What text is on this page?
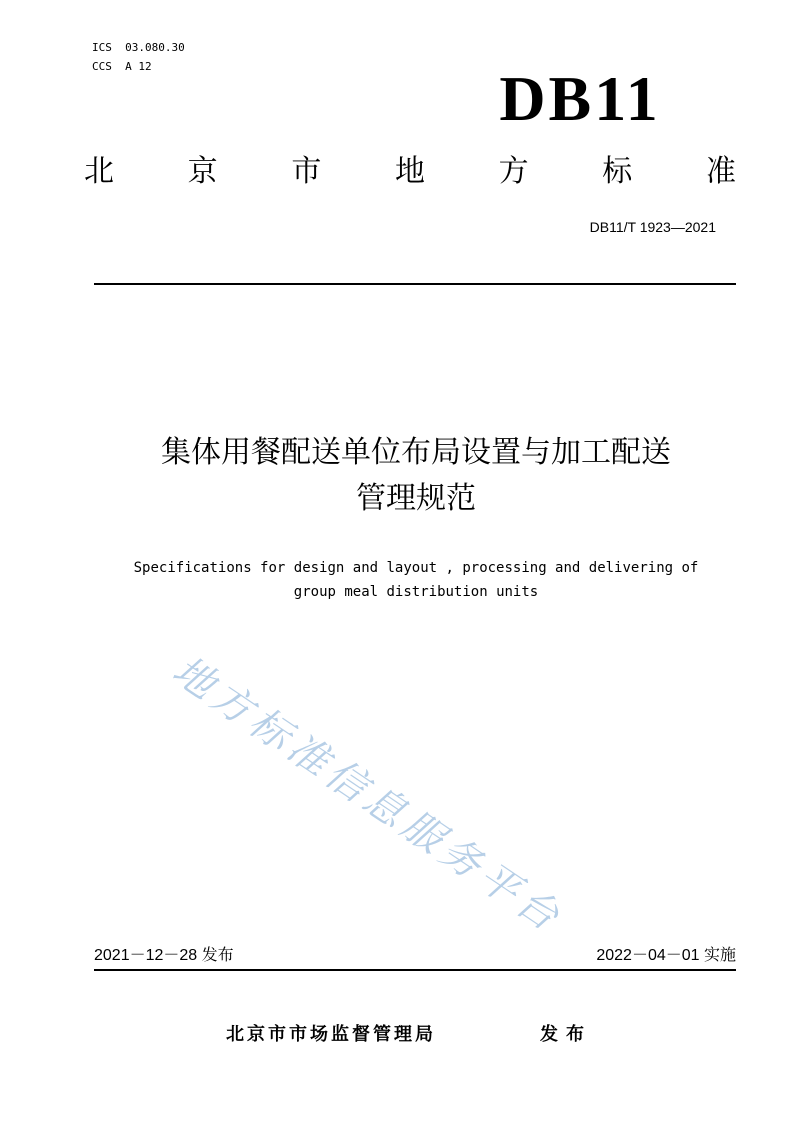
ICS  03.080.30
CCS  A 12	DB11
北 京 市 地 方 标 准
DB11/T 1923—2021
集体用餐配送单位布局设置与加工配送
管理规范
Specifications for design and layout , processing and delivering of
group meal distribution units
地方标准信息服务平台
2021－12－28 发布	2022－04－01 实施
北京市市场监督管理局	发布
